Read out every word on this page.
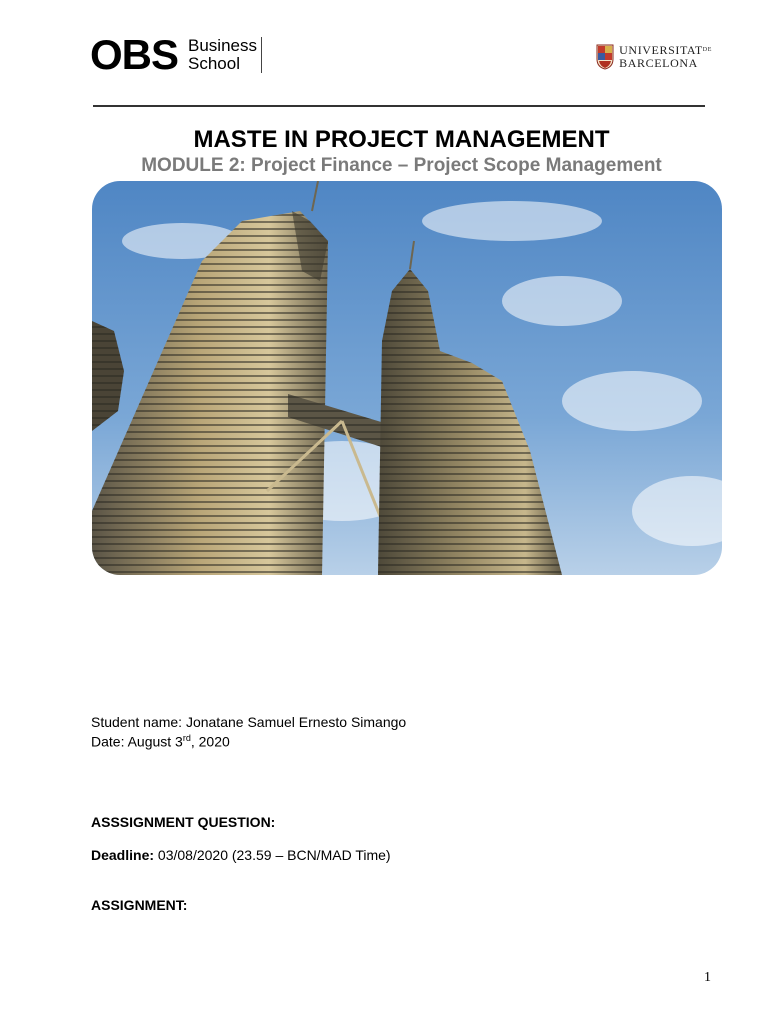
OBS Business
School
$UNIVERSITAT^{DE}$
BARCELONA
MASTE IN PROJECT MANAGEMENT
MODULE 2: Project Finance – Project Scope Management
Student name: Jonatane Samuel Ernesto Simango
Date: August 3rd, 2020
ASSSIGNMENT QUESTION:
Deadline: 03/08/2020 (23.59 – BCN/MAD Time)
ASSIGNMENT:
1
